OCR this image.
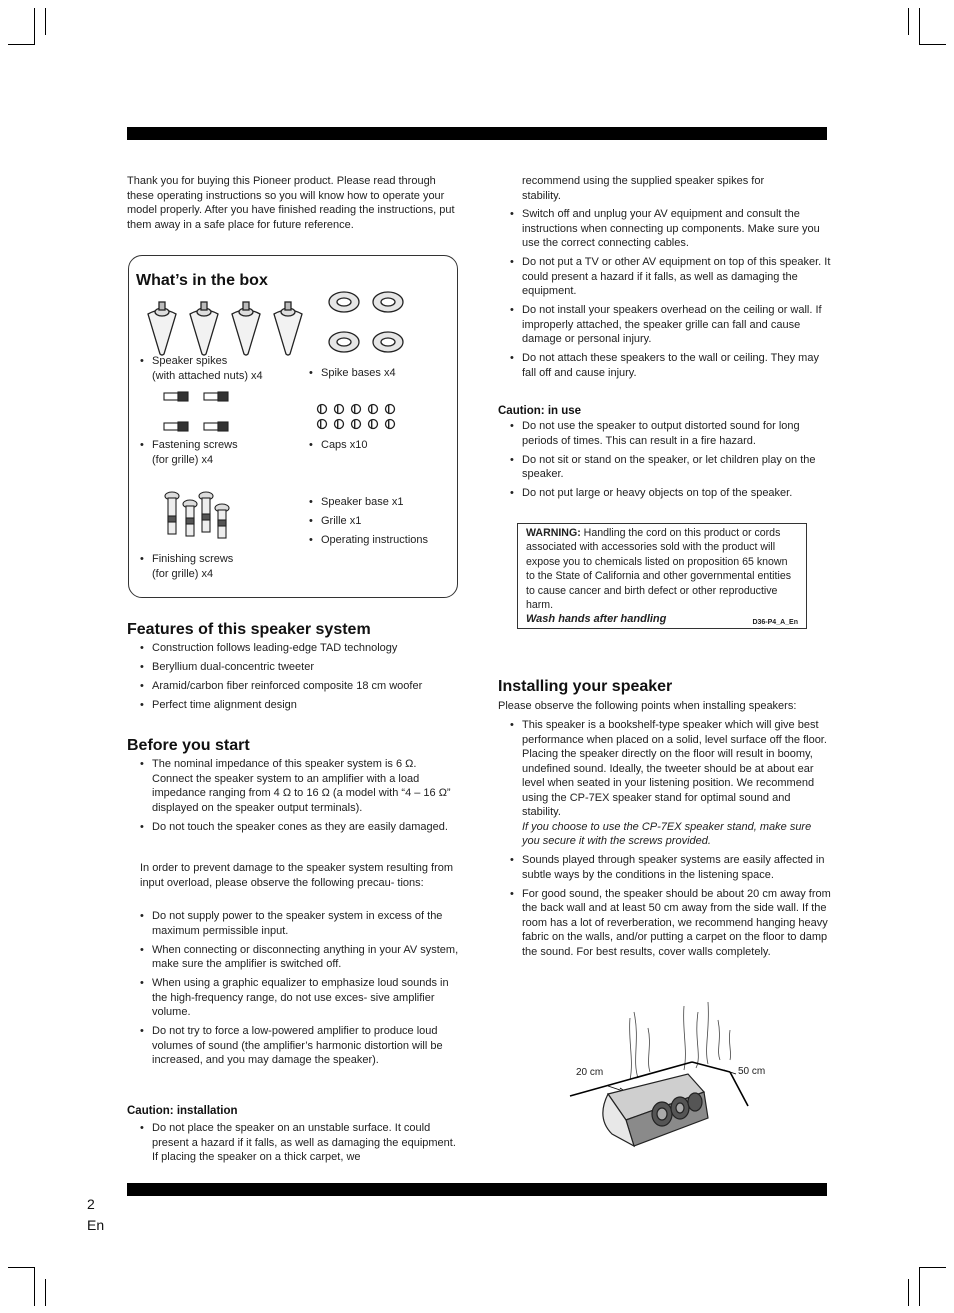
Thank you for buying this Pioneer product. Please read through these operating instructions so you will know how to operate your model properly. After you have finished reading the instructions, put them away in a safe place for future reference.
What’s in the box
• Speaker spikes
(with attached nuts) x4
•	Spike bases x4
• Fastening screws
(for grille) x4
• Caps x10
• Speaker base x1
• Grille x1
• Operating instructions
• Finishing screws
(for grille) x4
Features of this speaker system
• Construction follows leading-edge TAD technology
• Beryllium dual-concentric tweeter
• Aramid/carbon fiber reinforced composite 18 cm woofer
• Perfect time alignment design
Before you start
• The nominal impedance of this speaker system is 6 Ω. Connect the speaker system to an amplifier with a load impedance ranging from 4 Ω to 16 Ω (a model with “4 – 16 Ω” displayed on the speaker output terminals).
• Do not touch the speaker cones as they are easily damaged.
In order to prevent damage to the speaker system resulting from input overload, please observe the following precau- tions:
• Do not supply power to the speaker system in excess of the maximum permissible input.
• When connecting or disconnecting anything in your AV system, make sure the amplifier is switched off.
• When using a graphic equalizer to emphasize loud sounds in the high-frequency range, do not use exces- sive amplifier volume.
• Do not try to force a low-powered amplifier to produce loud volumes of sound (the amplifier’s harmonic distortion will be increased, and you may damage the speaker).
Caution: installation
• Do not place the speaker on an unstable surface. It could present a hazard if it falls, as well as damaging the equipment. If placing the speaker on a thick carpet, we
recommend using the supplied speaker spikes for stability.
• Switch off and unplug your AV equipment and consult the instructions when connecting up components. Make sure you use the correct connecting cables.
• Do not put a TV or other AV equipment on top of this speaker. It could present a hazard if it falls, as well as damaging the equipment.
• Do not install your speakers overhead on the ceiling or wall. If improperly attached, the speaker grille can fall and cause damage or personal injury.
• Do not attach these speakers to the wall or ceiling. They may fall off and cause injury.
Caution: in use
• Do not use the speaker to output distorted sound for long periods of times. This can result in a fire hazard.
• Do not sit or stand on the speaker, or let children play on the speaker.
• Do not put large or heavy objects on top of the speaker.
WARNING: Handling the cord on this product or cords associated with accessories sold with the product will expose you to chemicals listed on proposition 65 known to the State of California and other governmental entities to cause cancer and birth defect or other reproductive harm.
Wash hands after handling	D36-P4_A_En
Installing your speaker
Please observe the following points when installing speakers:
• This speaker is a bookshelf-type speaker which will give best performance when placed on a solid, level surface off the floor. Placing the speaker directly on the floor will result in boomy, undefined sound. Ideally, the tweeter should be at about ear level when seated in your listening position. We recommend using the CP-7EX speaker stand for optimal sound and stability.
If you choose to use the CP-7EX speaker stand, make sure you secure it with the screws provided.
• Sounds played through speaker systems are easily affected in subtle ways by the conditions in the listening space.
• For good sound, the speaker should be about 20 cm away from the back wall and at least 50 cm away from the side wall. If the room has a lot of reverberation, we recommend hanging heavy fabric on the walls, and/or putting a carpet on the floor to damp the sound. For best results, cover walls completely.
20 cm	50 cm
2
En
